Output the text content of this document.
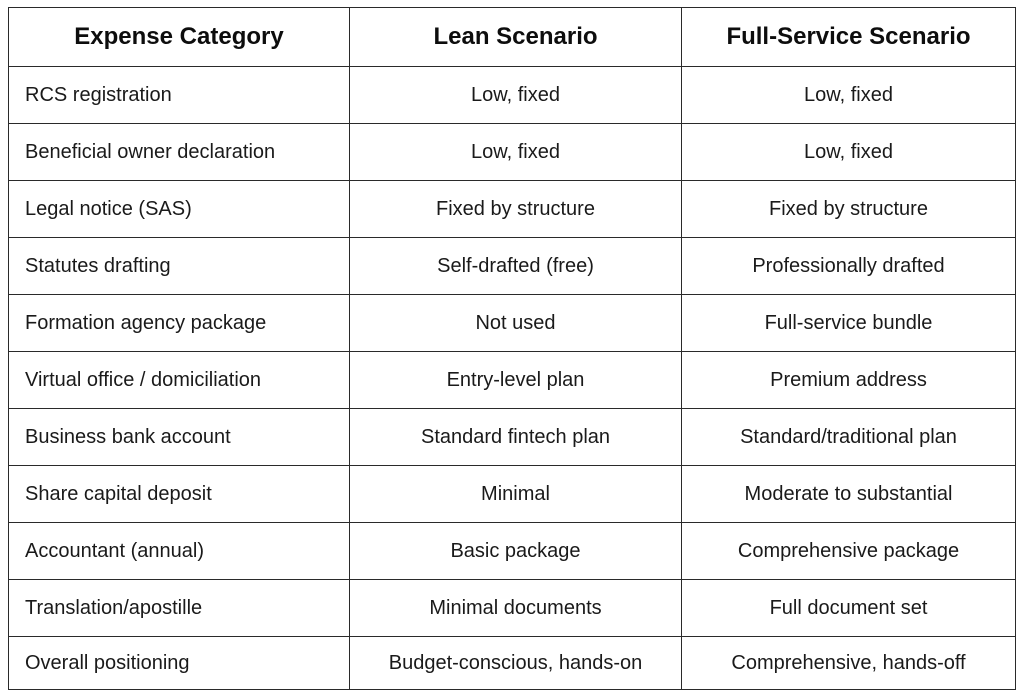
Expense Category	Lean Scenario	Full-Service Scenario
RCS registration	Low, fixed	Low, fixed
Beneficial owner declaration	Low, fixed	Low, fixed
Legal notice (SAS)	Fixed by structure	Fixed by structure
Statutes drafting	Self-drafted (free)	Professionally drafted
Formation agency package	Not used	Full-service bundle
Virtual office / domiciliation	Entry-level plan	Premium address
Business bank account	Standard fintech plan	Standard/traditional plan
Share capital deposit	Minimal	Moderate to substantial
Accountant (annual)	Basic package	Comprehensive package
Translation/apostille	Minimal documents	Full document set
Overall positioning	Budget-conscious, hands-on	Comprehensive, hands-off
